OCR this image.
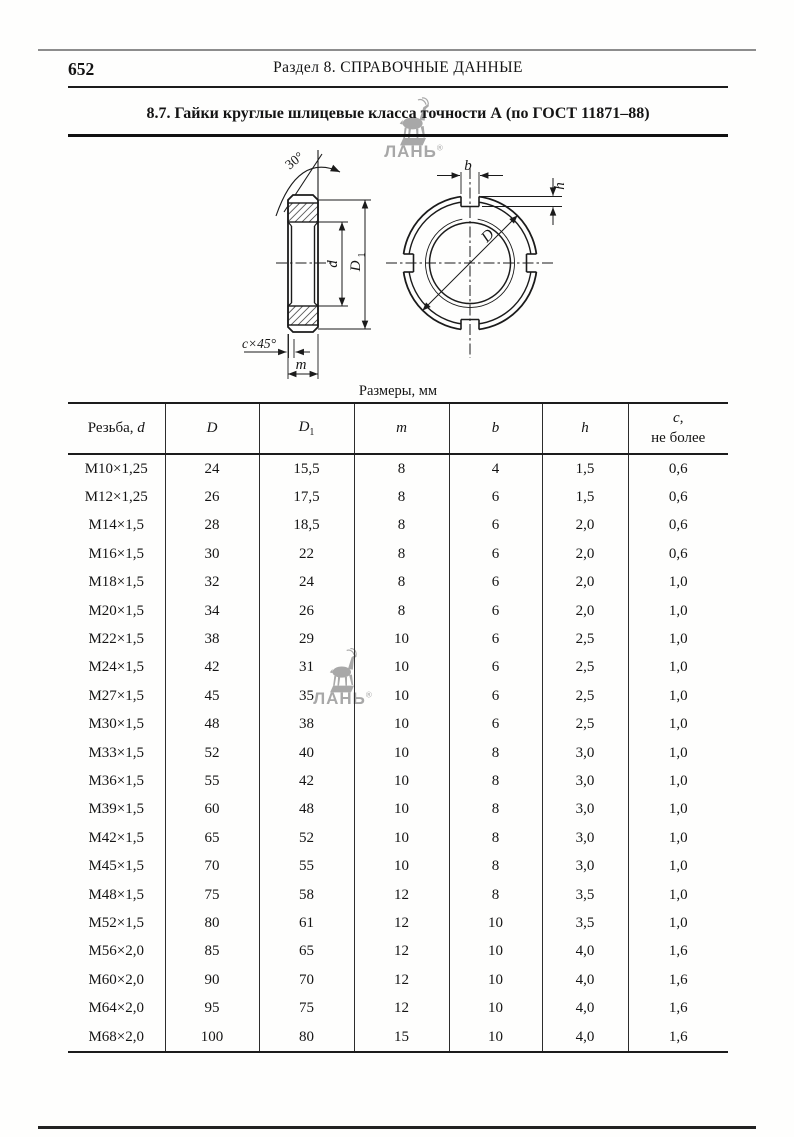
652	Раздел 8. СПРАВОЧНЫЕ ДАННЫЕ
8.7. Гайки круглые шлицевые класса точности А (по ГОСТ 11871–88)
ЛАНЬ®
30°
d D
1
c×45°
m
b
h
D
ЛАНЬ®
Размеры, мм
Резьба, d	D	$D_1$	m	b	h	c,
не более
M10×1,25	24	15,5	8	4	1,5	0,6
M12×1,25	26	17,5	8	6	1,5	0,6
M14×1,5	28	18,5	8	6	2,0	0,6
M16×1,5	30	22	8	6	2,0	0,6
M18×1,5	32	24	8	6	2,0	1,0
M20×1,5	34	26	8	6	2,0	1,0
M22×1,5	38	29	10	6	2,5	1,0
M24×1,5	42	31	10	6	2,5	1,0
M27×1,5	45	35	10	6	2,5	1,0
M30×1,5	48	38	10	6	2,5	1,0
M33×1,5	52	40	10	8	3,0	1,0
M36×1,5	55	42	10	8	3,0	1,0
M39×1,5	60	48	10	8	3,0	1,0
M42×1,5	65	52	10	8	3,0	1,0
M45×1,5	70	55	10	8	3,0	1,0
M48×1,5	75	58	12	8	3,5	1,0
M52×1,5	80	61	12	10	3,5	1,0
M56×2,0	85	65	12	10	4,0	1,6
M60×2,0	90	70	12	10	4,0	1,6
M64×2,0	95	75	12	10	4,0	1,6
M68×2,0	100	80	15	10	4,0	1,6
